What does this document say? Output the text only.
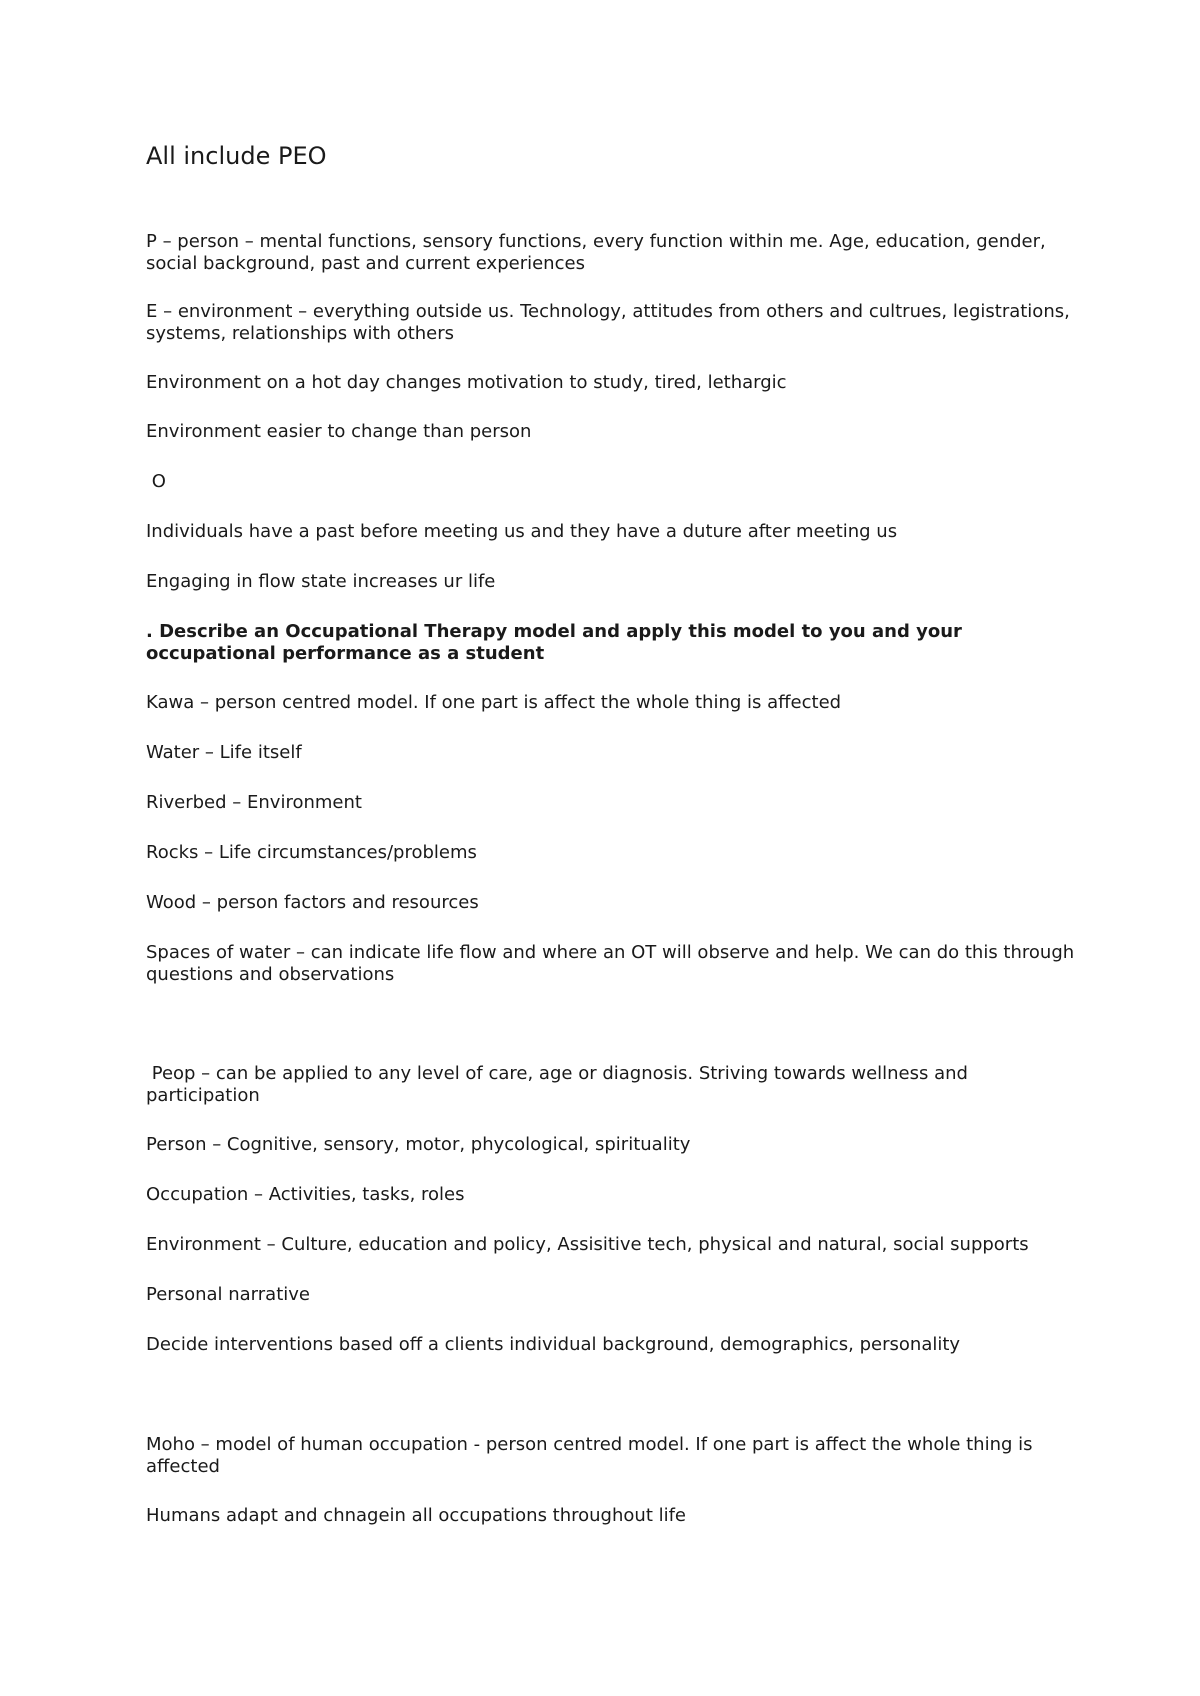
All include PEO

P – person – mental functions, sensory functions, every function within me. Age, education, gender, social background, past and current experiences

E – environment – everything outside us. Technology, attitudes from others and cultrues, legistrations, systems, relationships with others

Environment on a hot day changes motivation to study, tired, lethargic

Environment easier to change than person

O

Individuals have a past before meeting us and they have a duture after meeting us

Engaging in flow state increases ur life

. Describe an Occupational Therapy model and apply this model to you and your occupational performance as a student

Kawa – person centred model. If one part is affect the whole thing is affected

Water – Life itself

Riverbed – Environment

Rocks – Life circumstances/problems

Wood – person factors and resources

Spaces of water – can indicate life flow and where an OT will observe and help. We can do this through questions and observations

Peop – can be applied to any level of care, age or diagnosis. Striving towards wellness and participation

Person – Cognitive, sensory, motor, phycological, spirituality

Occupation – Activities, tasks, roles

Environment – Culture, education and policy, Assisitive tech, physical and natural, social supports

Personal narrative

Decide interventions based off a clients individual background, demographics, personality

Moho – model of human occupation - person centred model. If one part is affect the whole thing is affected

Humans adapt and chnagein all occupations throughout life
